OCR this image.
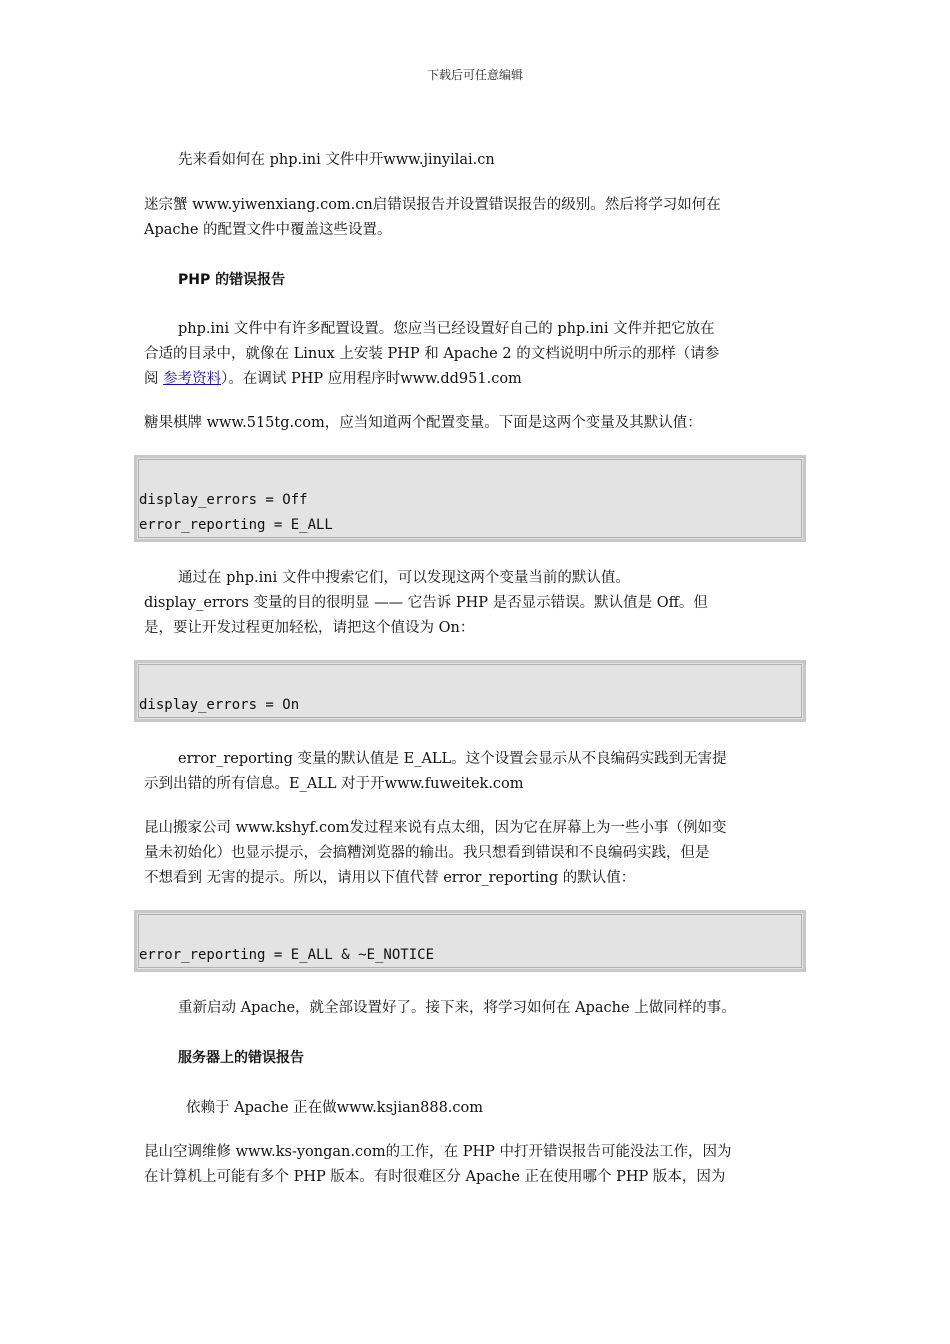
下载后可任意编辑
先来看如何在 php.ini 文件中开www.jinyilai.cn
迷宗蟹 www.yiwenxiang.com.cn启错误报告并设置错误报告的级别。然后将学习如何在
Apache 的配置文件中覆盖这些设置。
PHP 的错误报告
php.ini 文件中有许多配置设置。您应当已经设置好自己的 php.ini 文件并把它放在
合适的目录中，就像在 Linux 上安装 PHP 和 Apache 2 的文档说明中所示的那样（请参
阅 参考资料）。在调试 PHP 应用程序时www.dd951.com
糖果棋牌 www.515tg.com，应当知道两个配置变量。下面是这两个变量及其默认值：
display_errors = Off
error_reporting = E_ALL
通过在 php.ini 文件中搜索它们，可以发现这两个变量当前的默认值。
display_errors 变量的目的很明显 —— 它告诉 PHP 是否显示错误。默认值是 Off。但
是，要让开发过程更加轻松，请把这个值设为 On：
display_errors = On
error_reporting 变量的默认值是 E_ALL。这个设置会显示从不良编码实践到无害提
示到出错的所有信息。E_ALL 对于开www.fuweitek.com
昆山搬家公司 www.kshyf.com发过程来说有点太细，因为它在屏幕上为一些小事（例如变
量未初始化）也显示提示，会搞糟浏览器的输出。我只想看到错误和不良编码实践，但是
不想看到 无害的提示。所以，请用以下值代替 error_reporting 的默认值：
error_reporting = E_ALL & ~E_NOTICE
重新启动 Apache，就全部设置好了。接下来，将学习如何在 Apache 上做同样的事。
服务器上的错误报告
依赖于 Apache 正在做www.ksjian888.com
昆山空调维修 www.ks-yongan.com的工作，在 PHP 中打开错误报告可能没法工作，因为
在计算机上可能有多个 PHP 版本。有时很难区分 Apache 正在使用哪个 PHP 版本，因为
